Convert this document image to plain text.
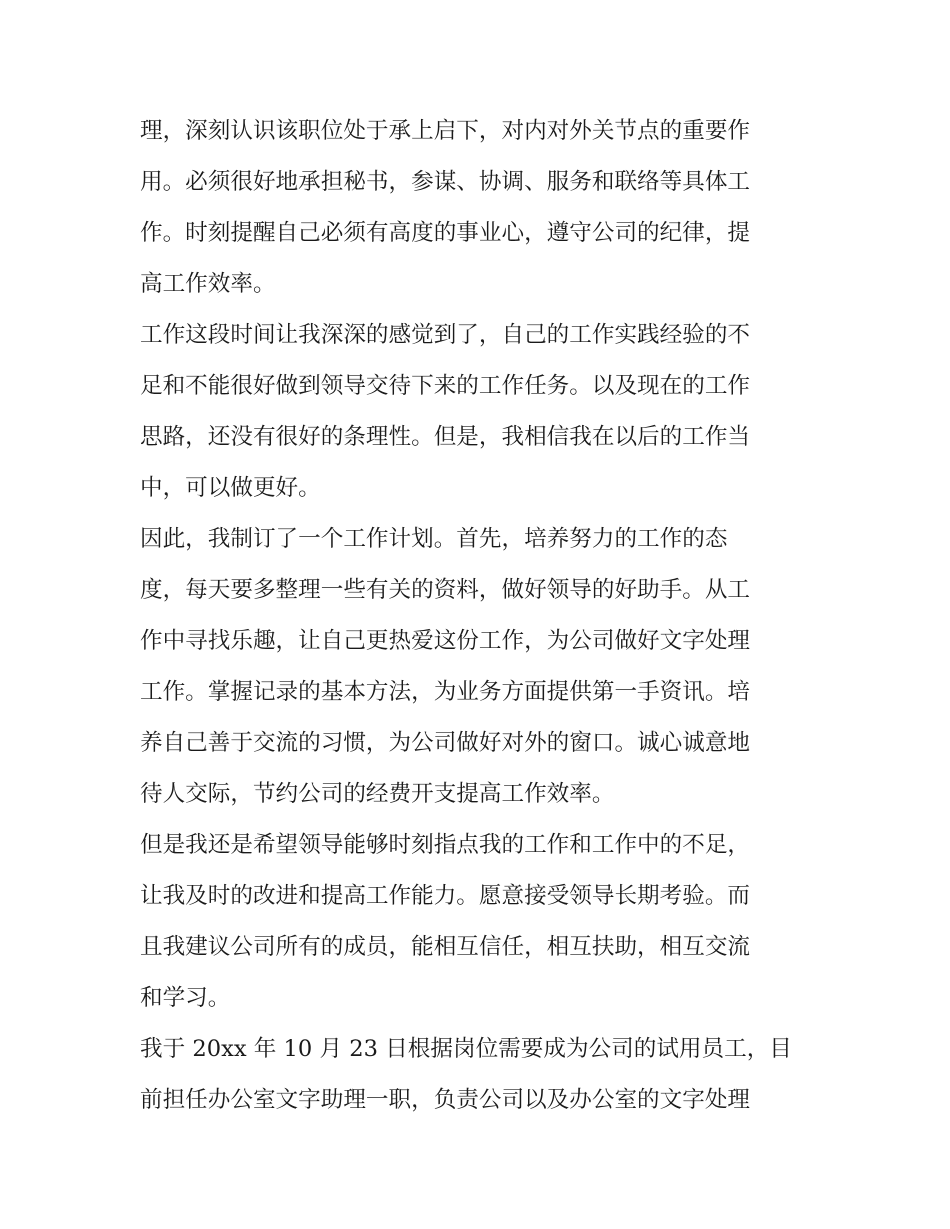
理，深刻认识该职位处于承上启下，对内对外关节点的重要作
用。必须很好地承担秘书，参谋、协调、服务和联络等具体工
作。时刻提醒自己必须有高度的事业心，遵守公司的纪律，提
高工作效率。
工作这段时间让我深深的感觉到了，自己的工作实践经验的不
足和不能很好做到领导交待下来的工作任务。以及现在的工作
思路，还没有很好的条理性。但是，我相信我在以后的工作当
中，可以做更好。
因此，我制订了一个工作计划。首先，培养努力的工作的态
度，每天要多整理一些有关的资料，做好领导的好助手。从工
作中寻找乐趣，让自己更热爱这份工作，为公司做好文字处理
工作。掌握记录的基本方法，为业务方面提供第一手资讯。培
养自己善于交流的习惯，为公司做好对外的窗口。诚心诚意地
待人交际，节约公司的经费开支提高工作效率。
但是我还是希望领导能够时刻指点我的工作和工作中的不足，
让我及时的改进和提高工作能力。愿意接受领导长期考验。而
且我建议公司所有的成员，能相互信任，相互扶助，相互交流
和学习。
我于 20xx 年 10 月 23 日根据岗位需要成为公司的试用员工，目
前担任办公室文字助理一职，负责公司以及办公室的文字处理
